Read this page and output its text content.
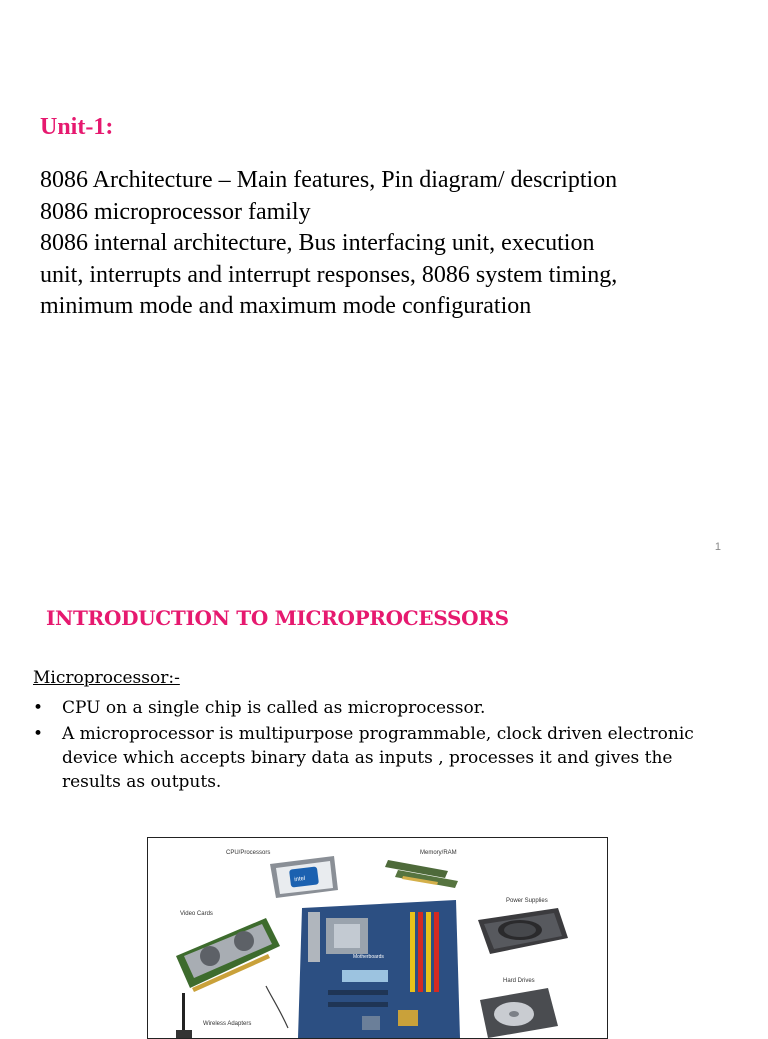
Unit-1:
8086 Architecture – Main features, Pin diagram/ description
8086 microprocessor family
8086 internal architecture, Bus interfacing unit, execution
unit, interrupts and interrupt responses, 8086 system timing,
minimum mode and maximum mode configuration
1
INTRODUCTION TO MICROPROCESSORS
Microprocessor:-
• CPU on a single chip is called as microprocessor.
• A microprocessor is multipurpose programmable, clock driven electronic device which accepts binary data as inputs , processes it and gives the results as outputs.
CPU/Processors	Memory/RAM
Video Cards
Power Supplies
Hard Drives
Wireless Adapters
intel
Motherboards
